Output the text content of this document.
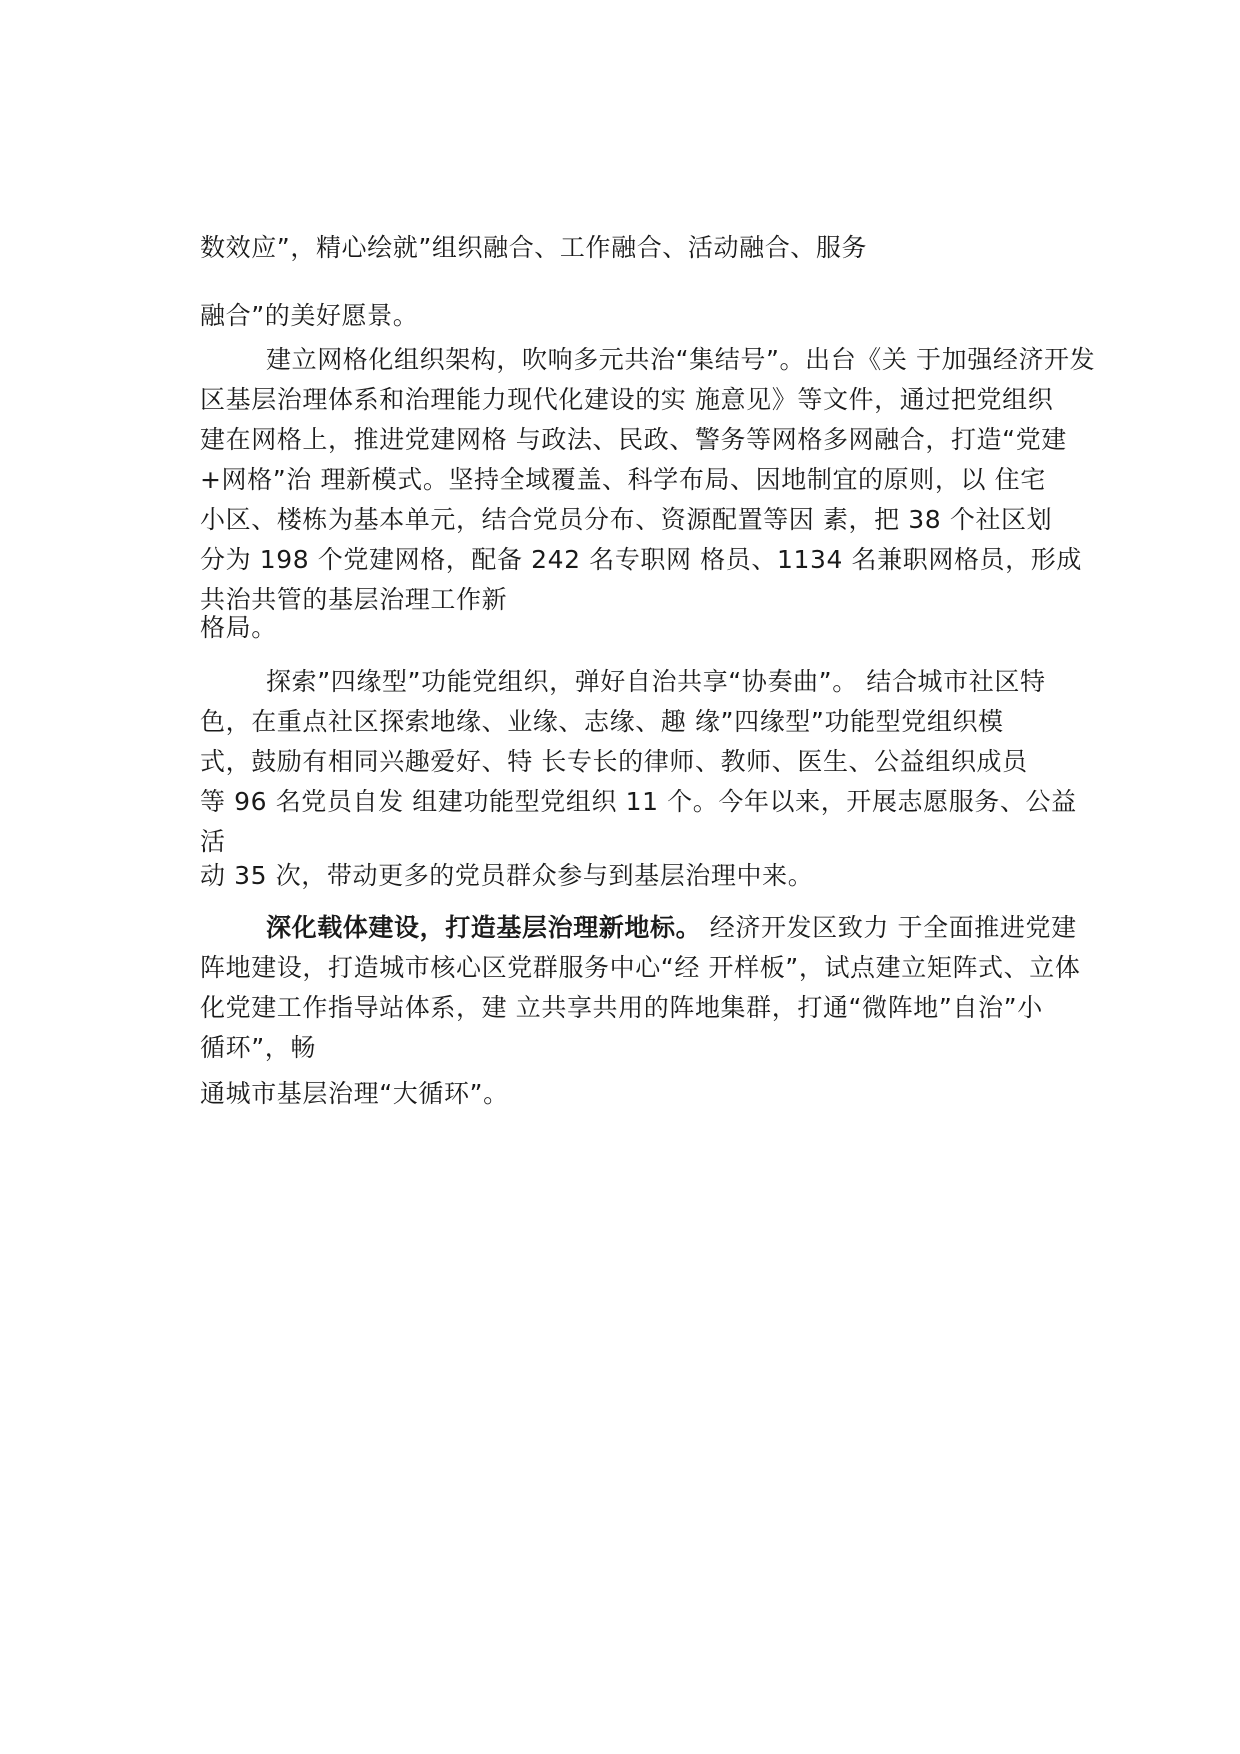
数效应”，精心绘就”组织融合、工作融合、活动融合、服务
融合”的美好愿景。
建立网格化组织架构，吹响多元共治“集结号”。出台《关 于加强经济开发
区基层治理体系和治理能力现代化建设的实 施意见》等文件，通过把党组织
建在网格上，推进党建网格 与政法、民政、警务等网格多网融合，打造“党建
+网格”治 理新模式。坚持全域覆盖、科学布局、因地制宜的原则，以 住宅
小区、楼栋为基本单元，结合党员分布、资源配置等因 素，把 38 个社区划
分为 198 个党建网格，配备 242 名专职网 格员、1134 名兼职网格员，形成
共治共管的基层治理工作新
格局。
探索”四缘型”功能党组织，弹好自治共享“协奏曲”。 结合城市社区特
色，在重点社区探索地缘、业缘、志缘、趣 缘”四缘型”功能型党组织模
式，鼓励有相同兴趣爱好、特 长专长的律师、教师、医生、公益组织成员
等 96 名党员自发 组建功能型党组织 11 个。今年以来，开展志愿服务、公益
活
动 35 次，带动更多的党员群众参与到基层治理中来。
深化载体建设，打造基层治理新地标。 经济开发区致力 于全面推进党建
阵地建设，打造城市核心区党群服务中心“经 开样板”，试点建立矩阵式、立体
化党建工作指导站体系，建 立共享共用的阵地集群，打通“微阵地”自治”小
循环”，畅
通城市基层治理“大循环”。
